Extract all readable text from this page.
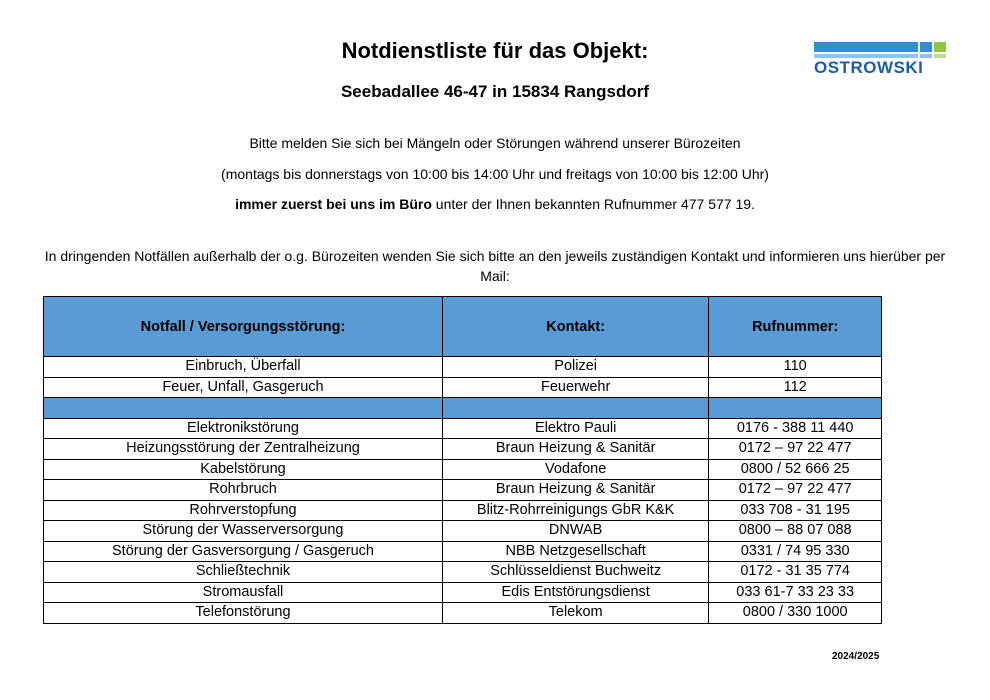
Notdienstliste für das Objekt:
Seebadallee 46-47 in 15834 Rangsdorf
OSTROWSKI
Bitte melden Sie sich bei Mängeln oder Störungen während unserer Bürozeiten
(montags bis donnerstags von 10:00 bis 14:00 Uhr und freitags von 10:00 bis 12:00 Uhr)
immer zuerst bei uns im Büro unter der Ihnen bekannten Rufnummer 477 577 19.
In dringenden Notfällen außerhalb der o.g. Bürozeiten wenden Sie sich bitte an den jeweils zuständigen Kontakt und informieren uns hierüber per Mail:
Notfall / Versorgungsstörung:	Kontakt:	Rufnummer:
Einbruch, Überfall	Polizei	110
Feuer, Unfall, Gasgeruch	Feuerwehr	112

Elektronikstörung	Elektro Pauli	0176 - 388 11 440
Heizungsstörung der Zentralheizung	Braun Heizung & Sanitär	0172 – 97 22 477
Kabelstörung	Vodafone	0800 / 52 666 25
Rohrbruch	Braun Heizung & Sanitär	0172 – 97 22 477
Rohrverstopfung	Blitz-Rohrreinigungs GbR K&K	033 708 - 31 195
Störung der Wasserversorgung	DNWAB	0800 – 88 07 088
Störung der Gasversorgung / Gasgeruch	NBB Netzgesellschaft	0331 / 74 95 330
Schließtechnik	Schlüsseldienst Buchweitz	0172 - 31 35 774
Stromausfall	Edis Entstörungsdienst	033 61-7 33 23 33
Telefonstörung	Telekom	0800 / 330 1000
2024/2025
